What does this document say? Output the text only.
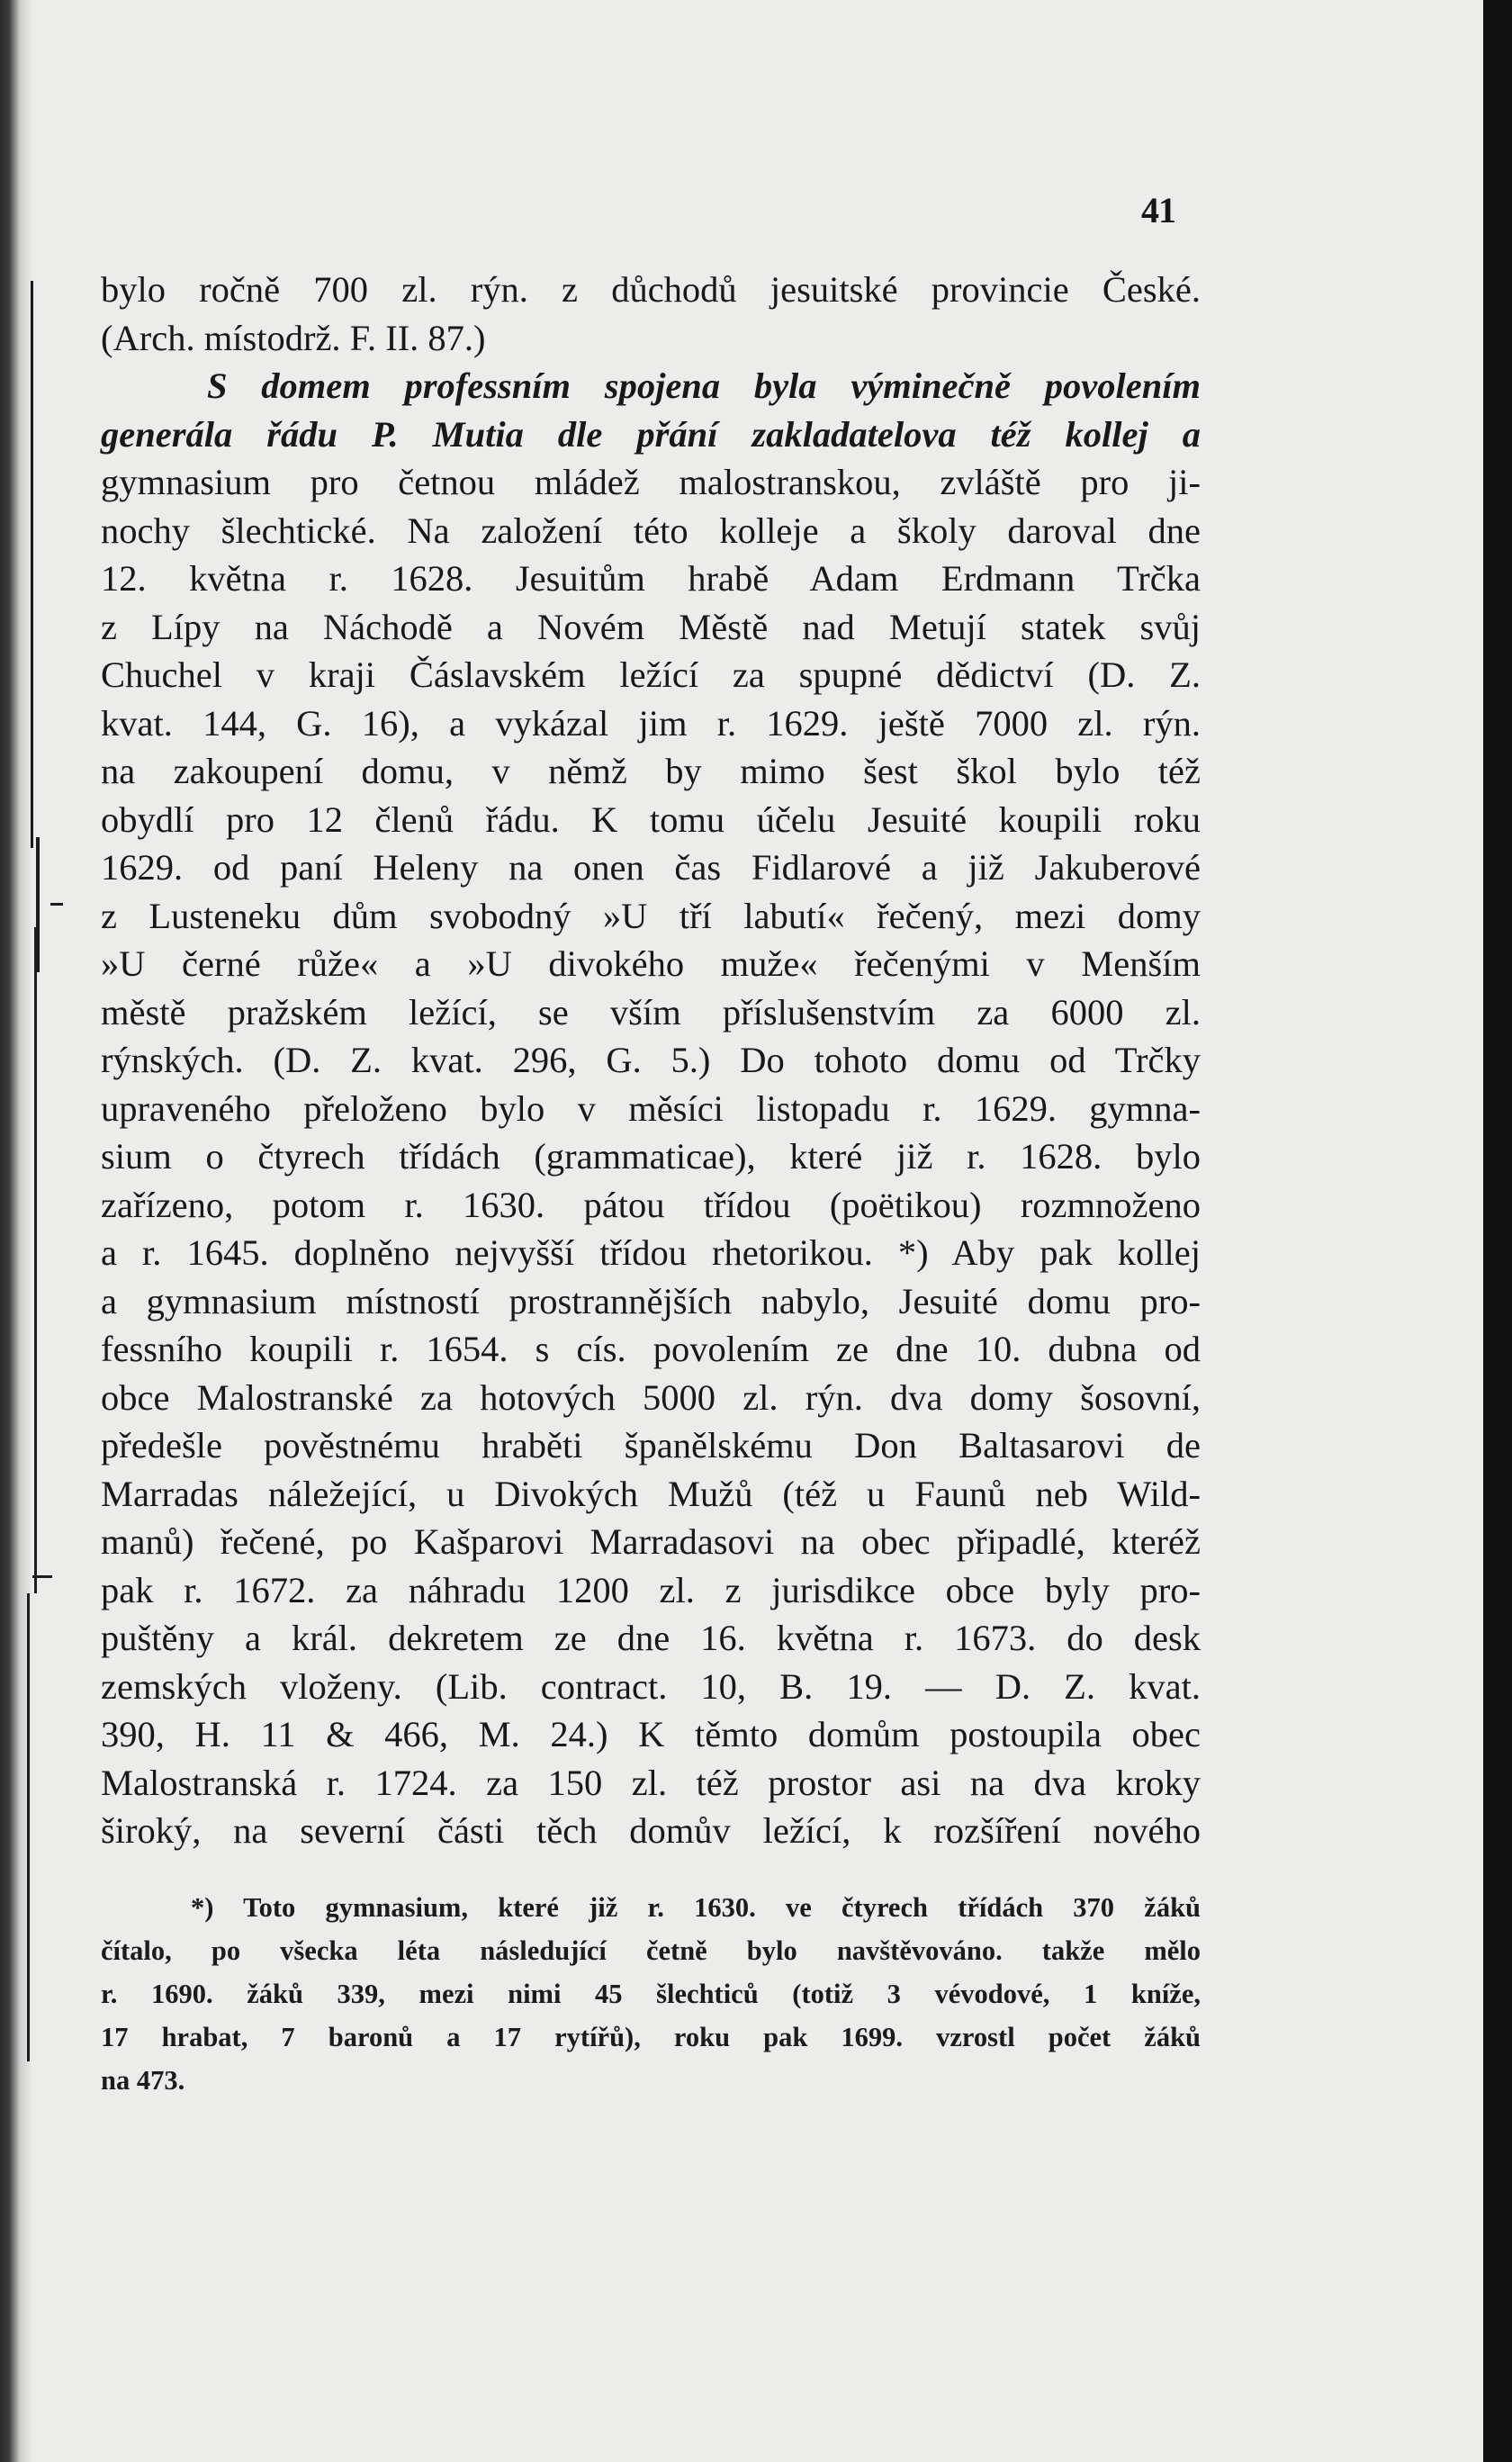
41
bylo ročně 700 zl. rýn. z důchodů jesuitské provincie České.
(Arch. místodrž. F. II. 87.)
S domem professním spojena byla výminečně povolením
generála řádu P. Mutia dle přání zakladatelova též kollej a
gymnasium pro četnou mládež malostranskou, zvláště pro ji-
nochy šlechtické. Na založení této kolleje a školy daroval dne
12. května r. 1628. Jesuitům hrabě Adam Erdmann Trčka
z Lípy na Náchodě a Novém Městě nad Metují statek svůj
Chuchel v kraji Čáslavském ležící za spupné dědictví (D. Z.
kvat. 144, G. 16), a vykázal jim r. 1629. ještě 7000 zl. rýn.
na zakoupení domu, v němž by mimo šest škol bylo též
obydlí pro 12 členů řádu. K tomu účelu Jesuité koupili roku
1629. od paní Heleny na onen čas Fidlarové a již Jakuberové
z Lusteneku dům svobodný »U tří labutí« řečený, mezi domy
»U černé růže« a »U divokého muže« řečenými v Menším
městě pražském ležící, se vším příslušenstvím za 6000 zl.
rýnských. (D. Z. kvat. 296, G. 5.) Do tohoto domu od Trčky
upraveného přeloženo bylo v měsíci listopadu r. 1629. gymna-
sium o čtyrech třídách (grammaticae), které již r. 1628. bylo
zařízeno, potom r. 1630. pátou třídou (poëtikou) rozmnoženo
a r. 1645. doplněno nejvyšší třídou rhetorikou. *) Aby pak kollej
a gymnasium místností prostrannějších nabylo, Jesuité domu pro-
fessního koupili r. 1654. s cís. povolením ze dne 10. dubna od
obce Malostranské za hotových 5000 zl. rýn. dva domy šosovní,
předešle pověstnému hraběti španělskému Don Baltasarovi de
Marradas náležející, u Divokých Mužů (též u Faunů neb Wild-
manů) řečené, po Kašparovi Marradasovi na obec připadlé, kteréž
pak r. 1672. za náhradu 1200 zl. z jurisdikce obce byly pro-
puštěny a král. dekretem ze dne 16. května r. 1673. do desk
zemských vloženy. (Lib. contract. 10, B. 19. — D. Z. kvat.
390, H. 11 & 466, M. 24.) K těmto domům postoupila obec
Malostranská r. 1724. za 150 zl. též prostor asi na dva kroky
široký, na severní části těch domův ležící, k rozšíření nového
*) Toto gymnasium, které již r. 1630. ve čtyrech třídách 370 žáků
čítalo, po všecka léta následující četně bylo navštěvováno. takže mělo
r. 1690. žáků 339, mezi nimi 45 šlechticů (totiž 3 vévodové, 1 kníže,
17 hrabat, 7 baronů a 17 rytířů), roku pak 1699. vzrostl počet žáků
na 473.
